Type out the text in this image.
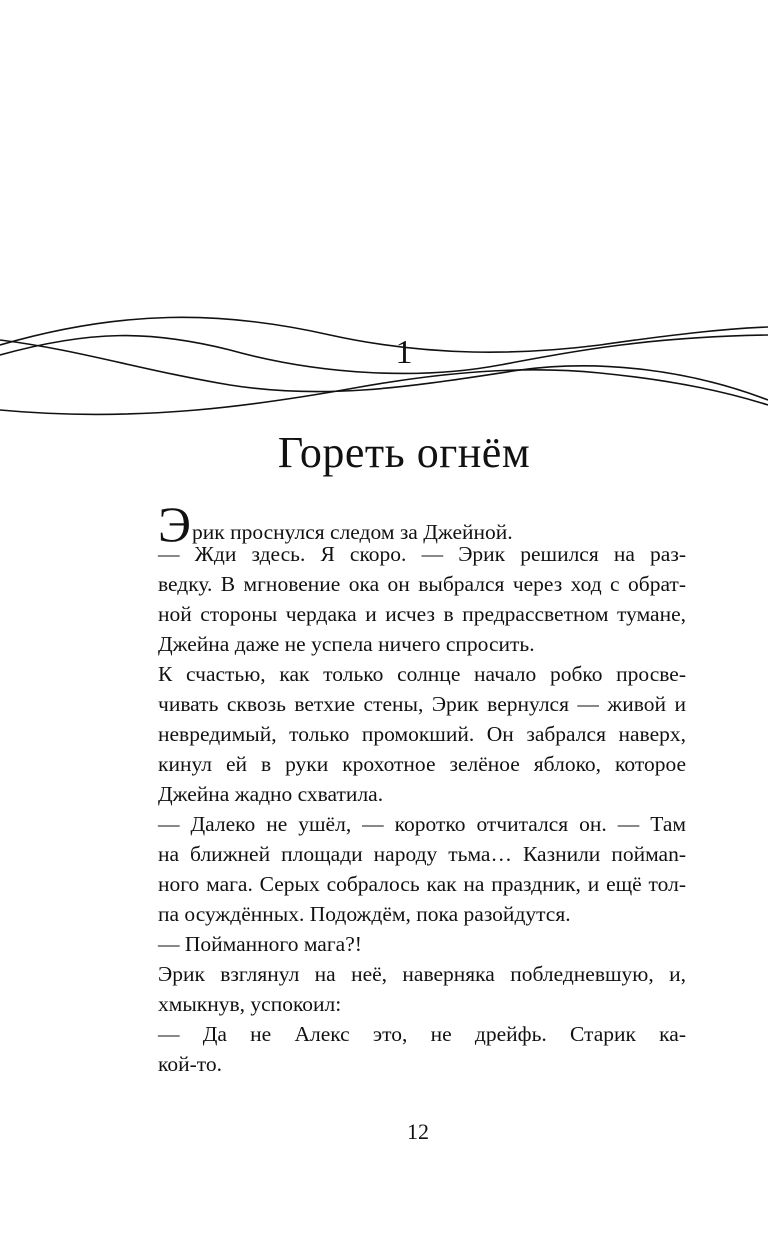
1
Гореть огнём
Эрик проснулся следом за Джейной.
— Жди здесь. Я скоро. — Эрик решился на раз-
ведку. В мгновение ока он выбрался через ход с обрат-
ной стороны чердака и исчез в предрассветном тумане,
Джейна даже не успела ничего спросить.
К счастью, как только солнце начало робко просве-
чивать сквозь ветхие стены, Эрик вернулся — живой и
невредимый, только промокший. Он забрался наверх,
кинул ей в руки крохотное зелёное яблоко, которое
Джейна жадно схватила.
— Далеко не ушёл, — коротко отчитался он. — Там
на ближней площади народу тьма… Казнили поймаn-
ного мага. Серых собралось как на праздник, и ещё тол-
па осуждённых. Подождём, пока разойдутся.
— Пойманного мага?!
Эрик взглянул на неё, наверняка побледневшую, и,
хмыкнув, успокоил:
— Да не Алекс это, не дрейфь. Старик ка-
кой-то.
12
